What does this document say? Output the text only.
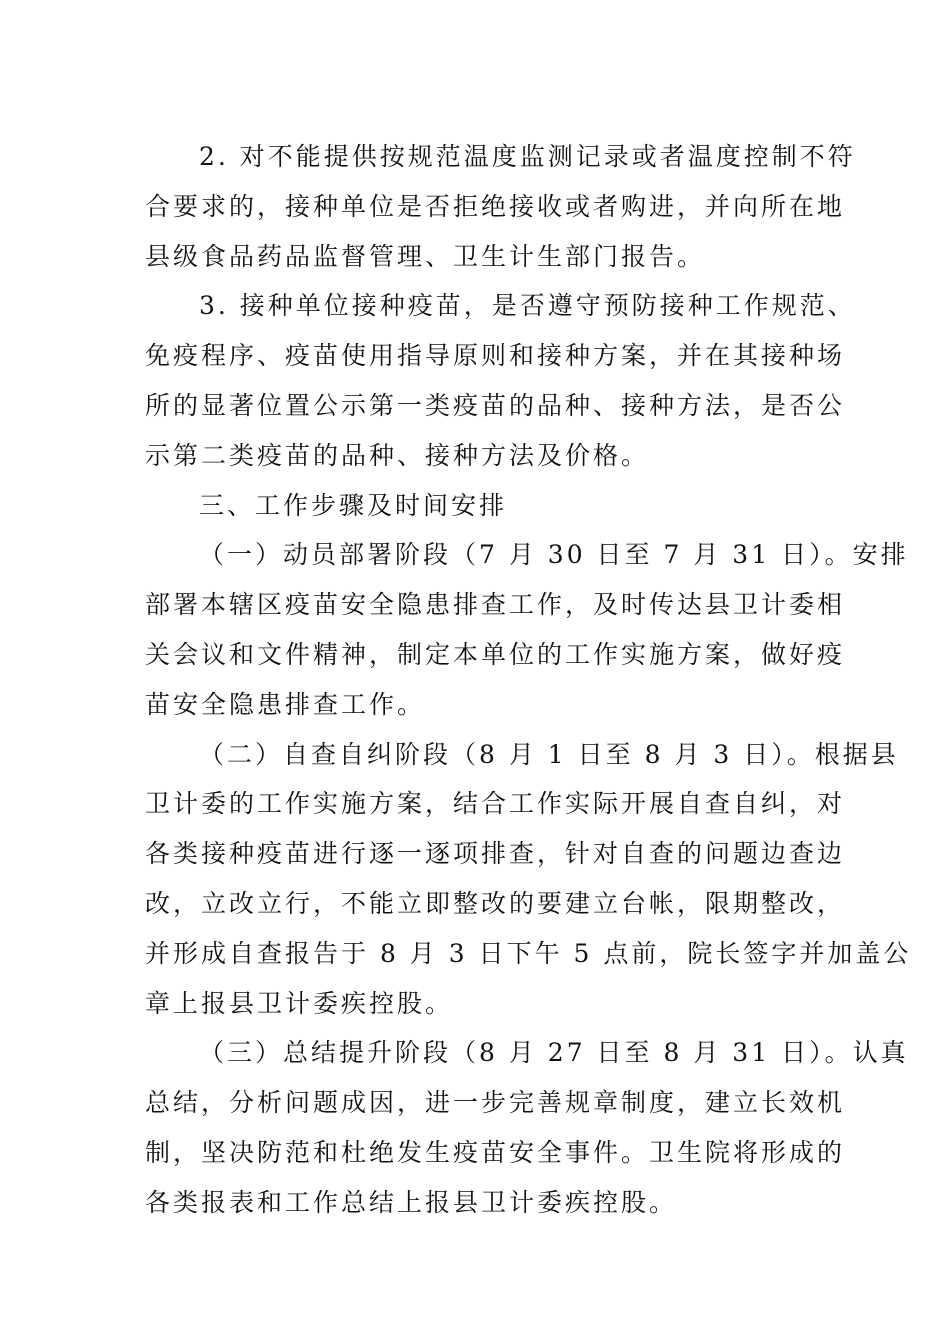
2. 对不能提供按规范温度监测记录或者温度控制不符
合要求的，接种单位是否拒绝接收或者购进，并向所在地
县级食品药品监督管理、卫生计生部门报告。
3. 接种单位接种疫苗，是否遵守预防接种工作规范、
免疫程序、疫苗使用指导原则和接种方案，并在其接种场
所的显著位置公示第一类疫苗的品种、接种方法，是否公
示第二类疫苗的品种、接种方法及价格。
三、工作步骤及时间安排
（一）动员部署阶段（7 月 30 日至 7 月 31 日）。安排
部署本辖区疫苗安全隐患排查工作，及时传达县卫计委相
关会议和文件精神，制定本单位的工作实施方案，做好疫
苗安全隐患排查工作。
（二）自查自纠阶段（8 月 1 日至 8 月 3 日）。根据县
卫计委的工作实施方案，结合工作实际开展自查自纠，对
各类接种疫苗进行逐一逐项排查，针对自查的问题边查边
改，立改立行，不能立即整改的要建立台帐，限期整改，
并形成自查报告于 8 月 3 日下午 5 点前，院长签字并加盖公
章上报县卫计委疾控股。
（三）总结提升阶段（8 月 27 日至 8 月 31 日）。认真
总结，分析问题成因，进一步完善规章制度，建立长效机
制，坚决防范和杜绝发生疫苗安全事件。卫生院将形成的
各类报表和工作总结上报县卫计委疾控股。
